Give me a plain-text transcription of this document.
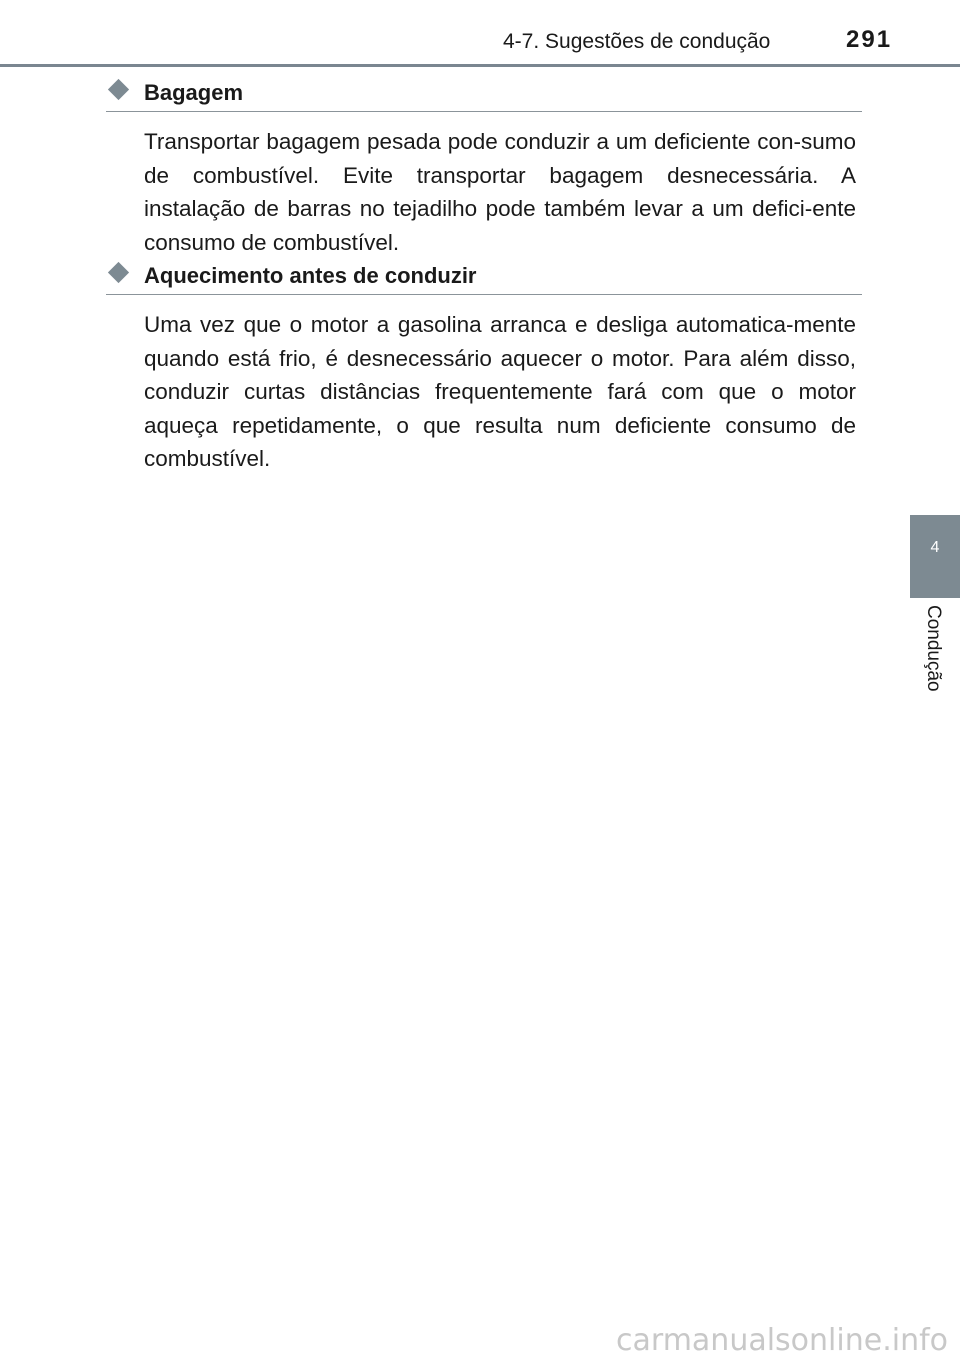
4-7. Sugestões de condução	291
4
Condução
Bagagem
Transportar bagagem pesada pode conduzir a um deficiente con-sumo de combustível. Evite transportar bagagem desnecessária. A instalação de barras no tejadilho pode também levar a um defici-ente consumo de combustível.
Aquecimento antes de conduzir
Uma vez que o motor a gasolina arranca e desliga automatica-mente quando está frio, é desnecessário aquecer o motor. Para além disso, conduzir curtas distâncias frequentemente fará com que o motor aqueça repetidamente, o que resulta num deficiente consumo de combustível.
carmanualsonline.info
